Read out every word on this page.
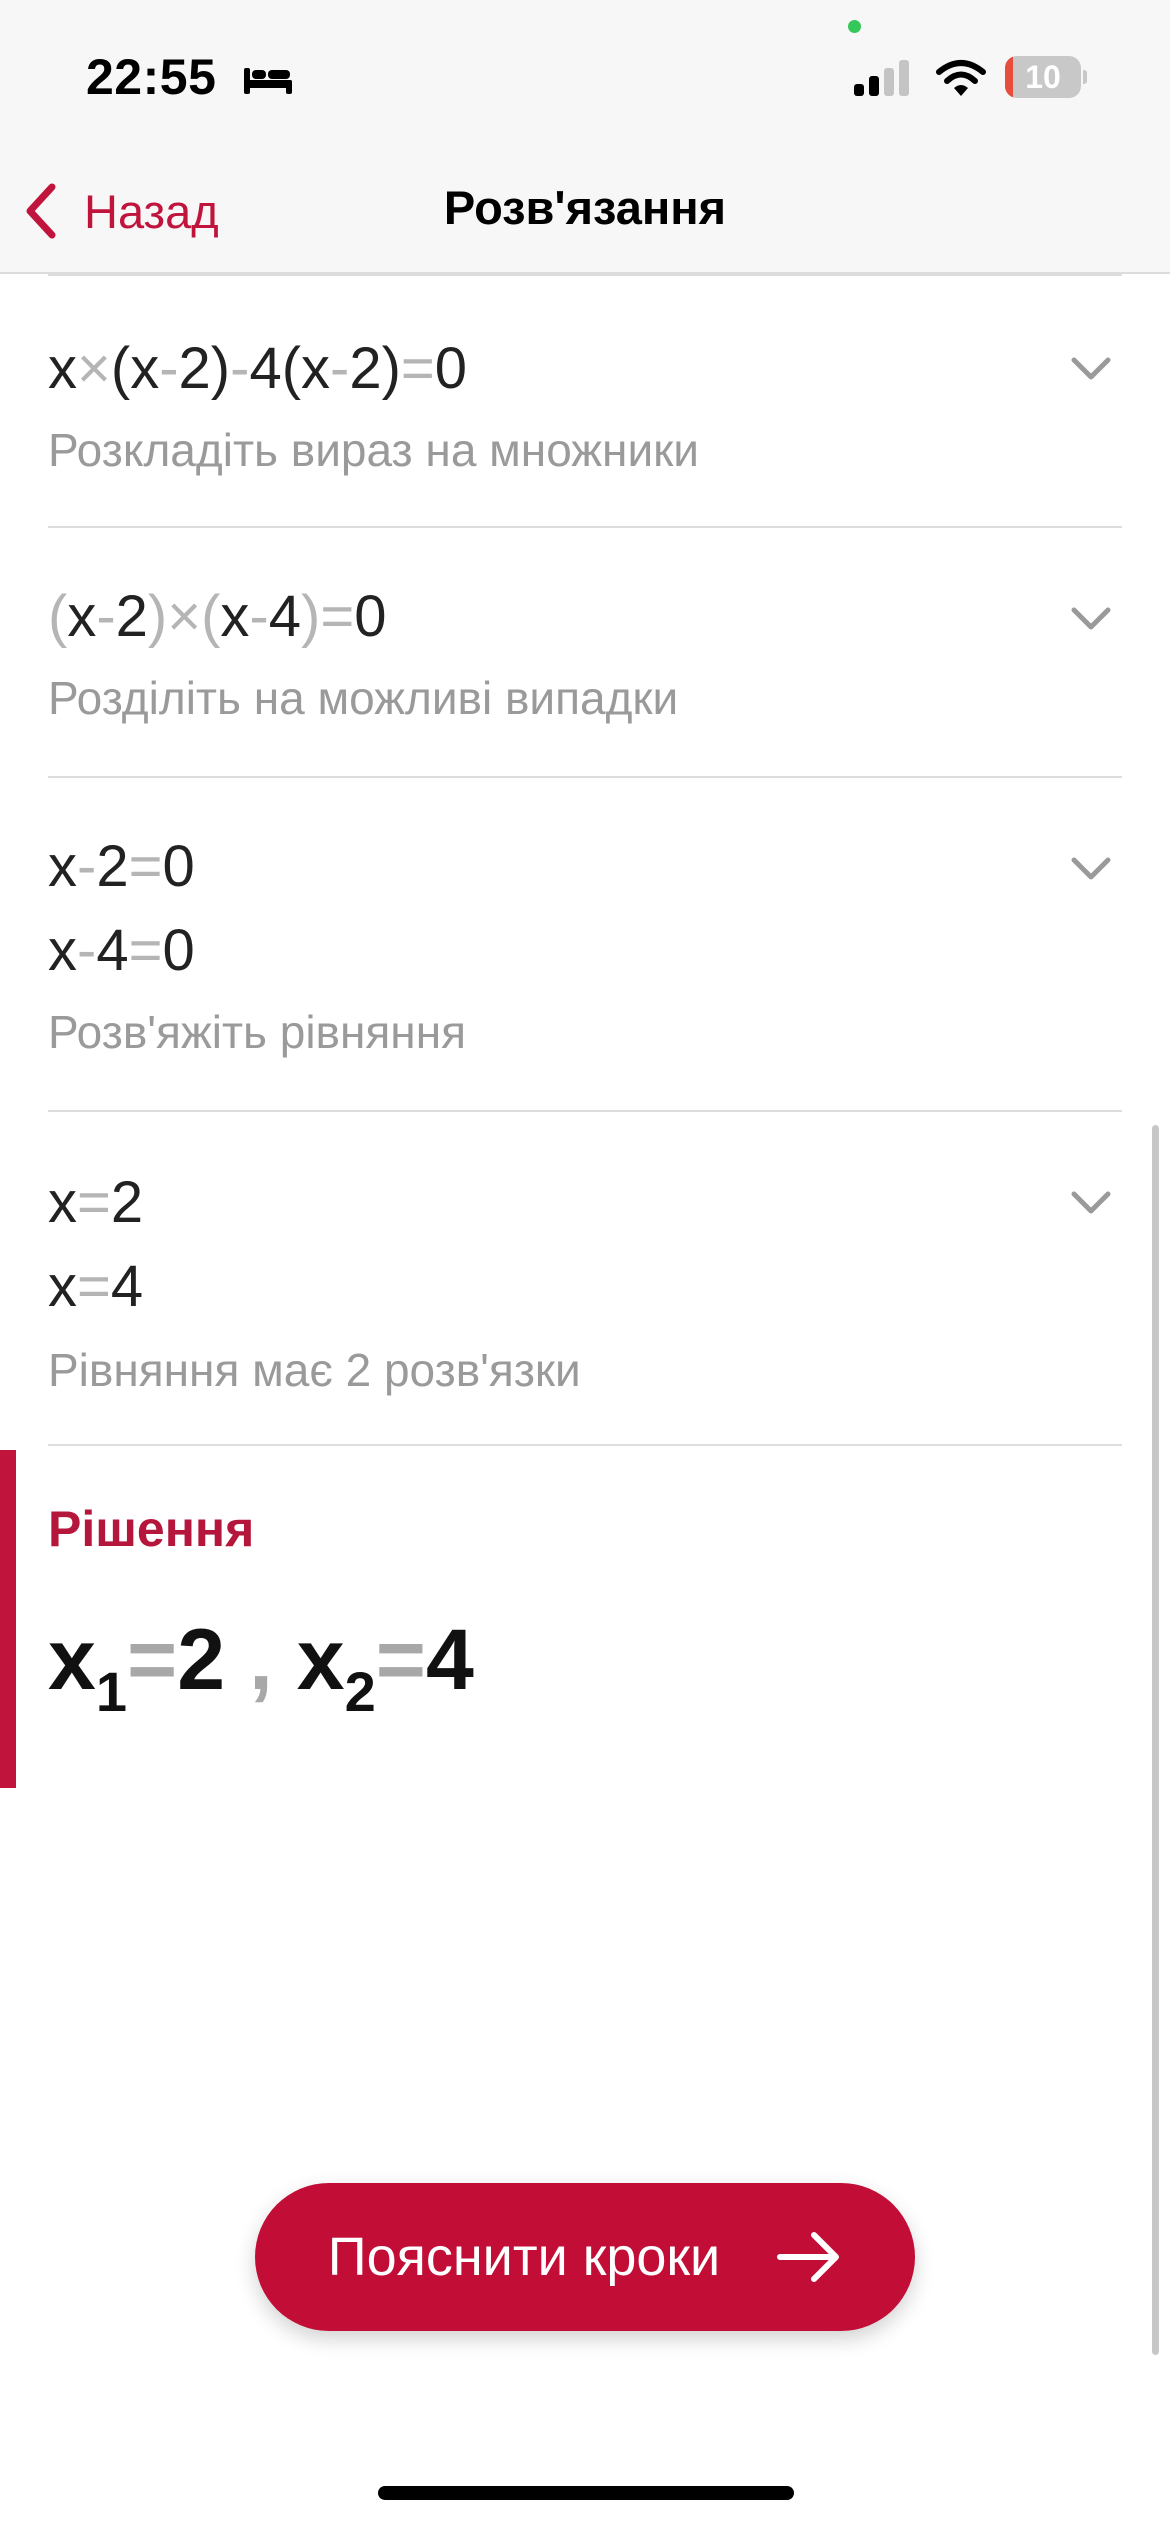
22:55	10
Розв'язання
Назад
x×(x-2)-4(x-2)=0
Розкладіть вираз на множники
(x-2)×(x-4)=0
Розділіть на можливі випадки
x-2=0
x-4=0
Розв'яжіть рівняння
x=2
x=4
Рівняння має 2 розв'язки
Рішення
$x_1=2$ , $x_2=4$
Пояснити кроки
